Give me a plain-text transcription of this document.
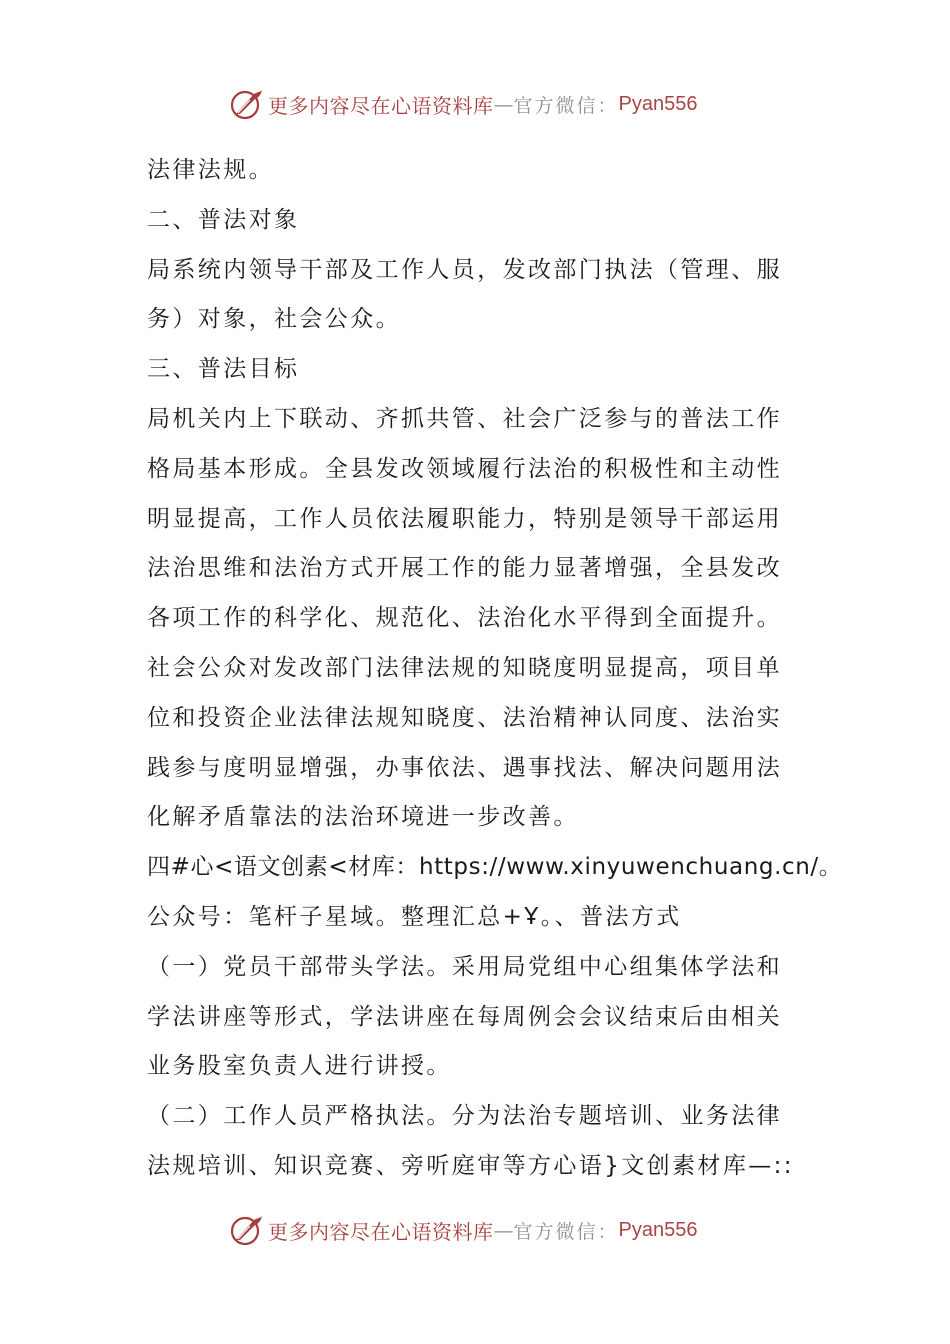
更多内容尽在心语资料库 — 官方微信： Pyan556
法律法规。
二、普法对象
局系统内领导干部及工作人员，发改部门执法（管理、服
务）对象，社会公众。
三、普法目标
局机关内上下联动、齐抓共管、社会广泛参与的普法工作
格局基本形成。全县发改领域履行法治的积极性和主动性
明显提高，工作人员依法履职能力，特别是领导干部运用
法治思维和法治方式开展工作的能力显著增强，全县发改
各项工作的科学化、规范化、法治化水平得到全面提升。
社会公众对发改部门法律法规的知晓度明显提高，项目单
位和投资企业法律法规知晓度、法治精神认同度、法治实
践参与度明显增强，办事依法、遇事找法、解决问题用法
化解矛盾靠法的法治环境进一步改善。
四#心<语文创素<材库：https://www.xinyuwenchuang.cn/。
公众号：笔杆子星域。整理汇总+Ұ。、普法方式
（一）党员干部带头学法。采用局党组中心组集体学法和
学法讲座等形式，学法讲座在每周例会会议结束后由相关
业务股室负责人进行讲授。
（二）工作人员严格执法。分为法治专题培训、业务法律
法规培训、知识竞赛、旁听庭审等方心语}文创素材库—::
更多内容尽在心语资料库 — 官方微信： Pyan556
